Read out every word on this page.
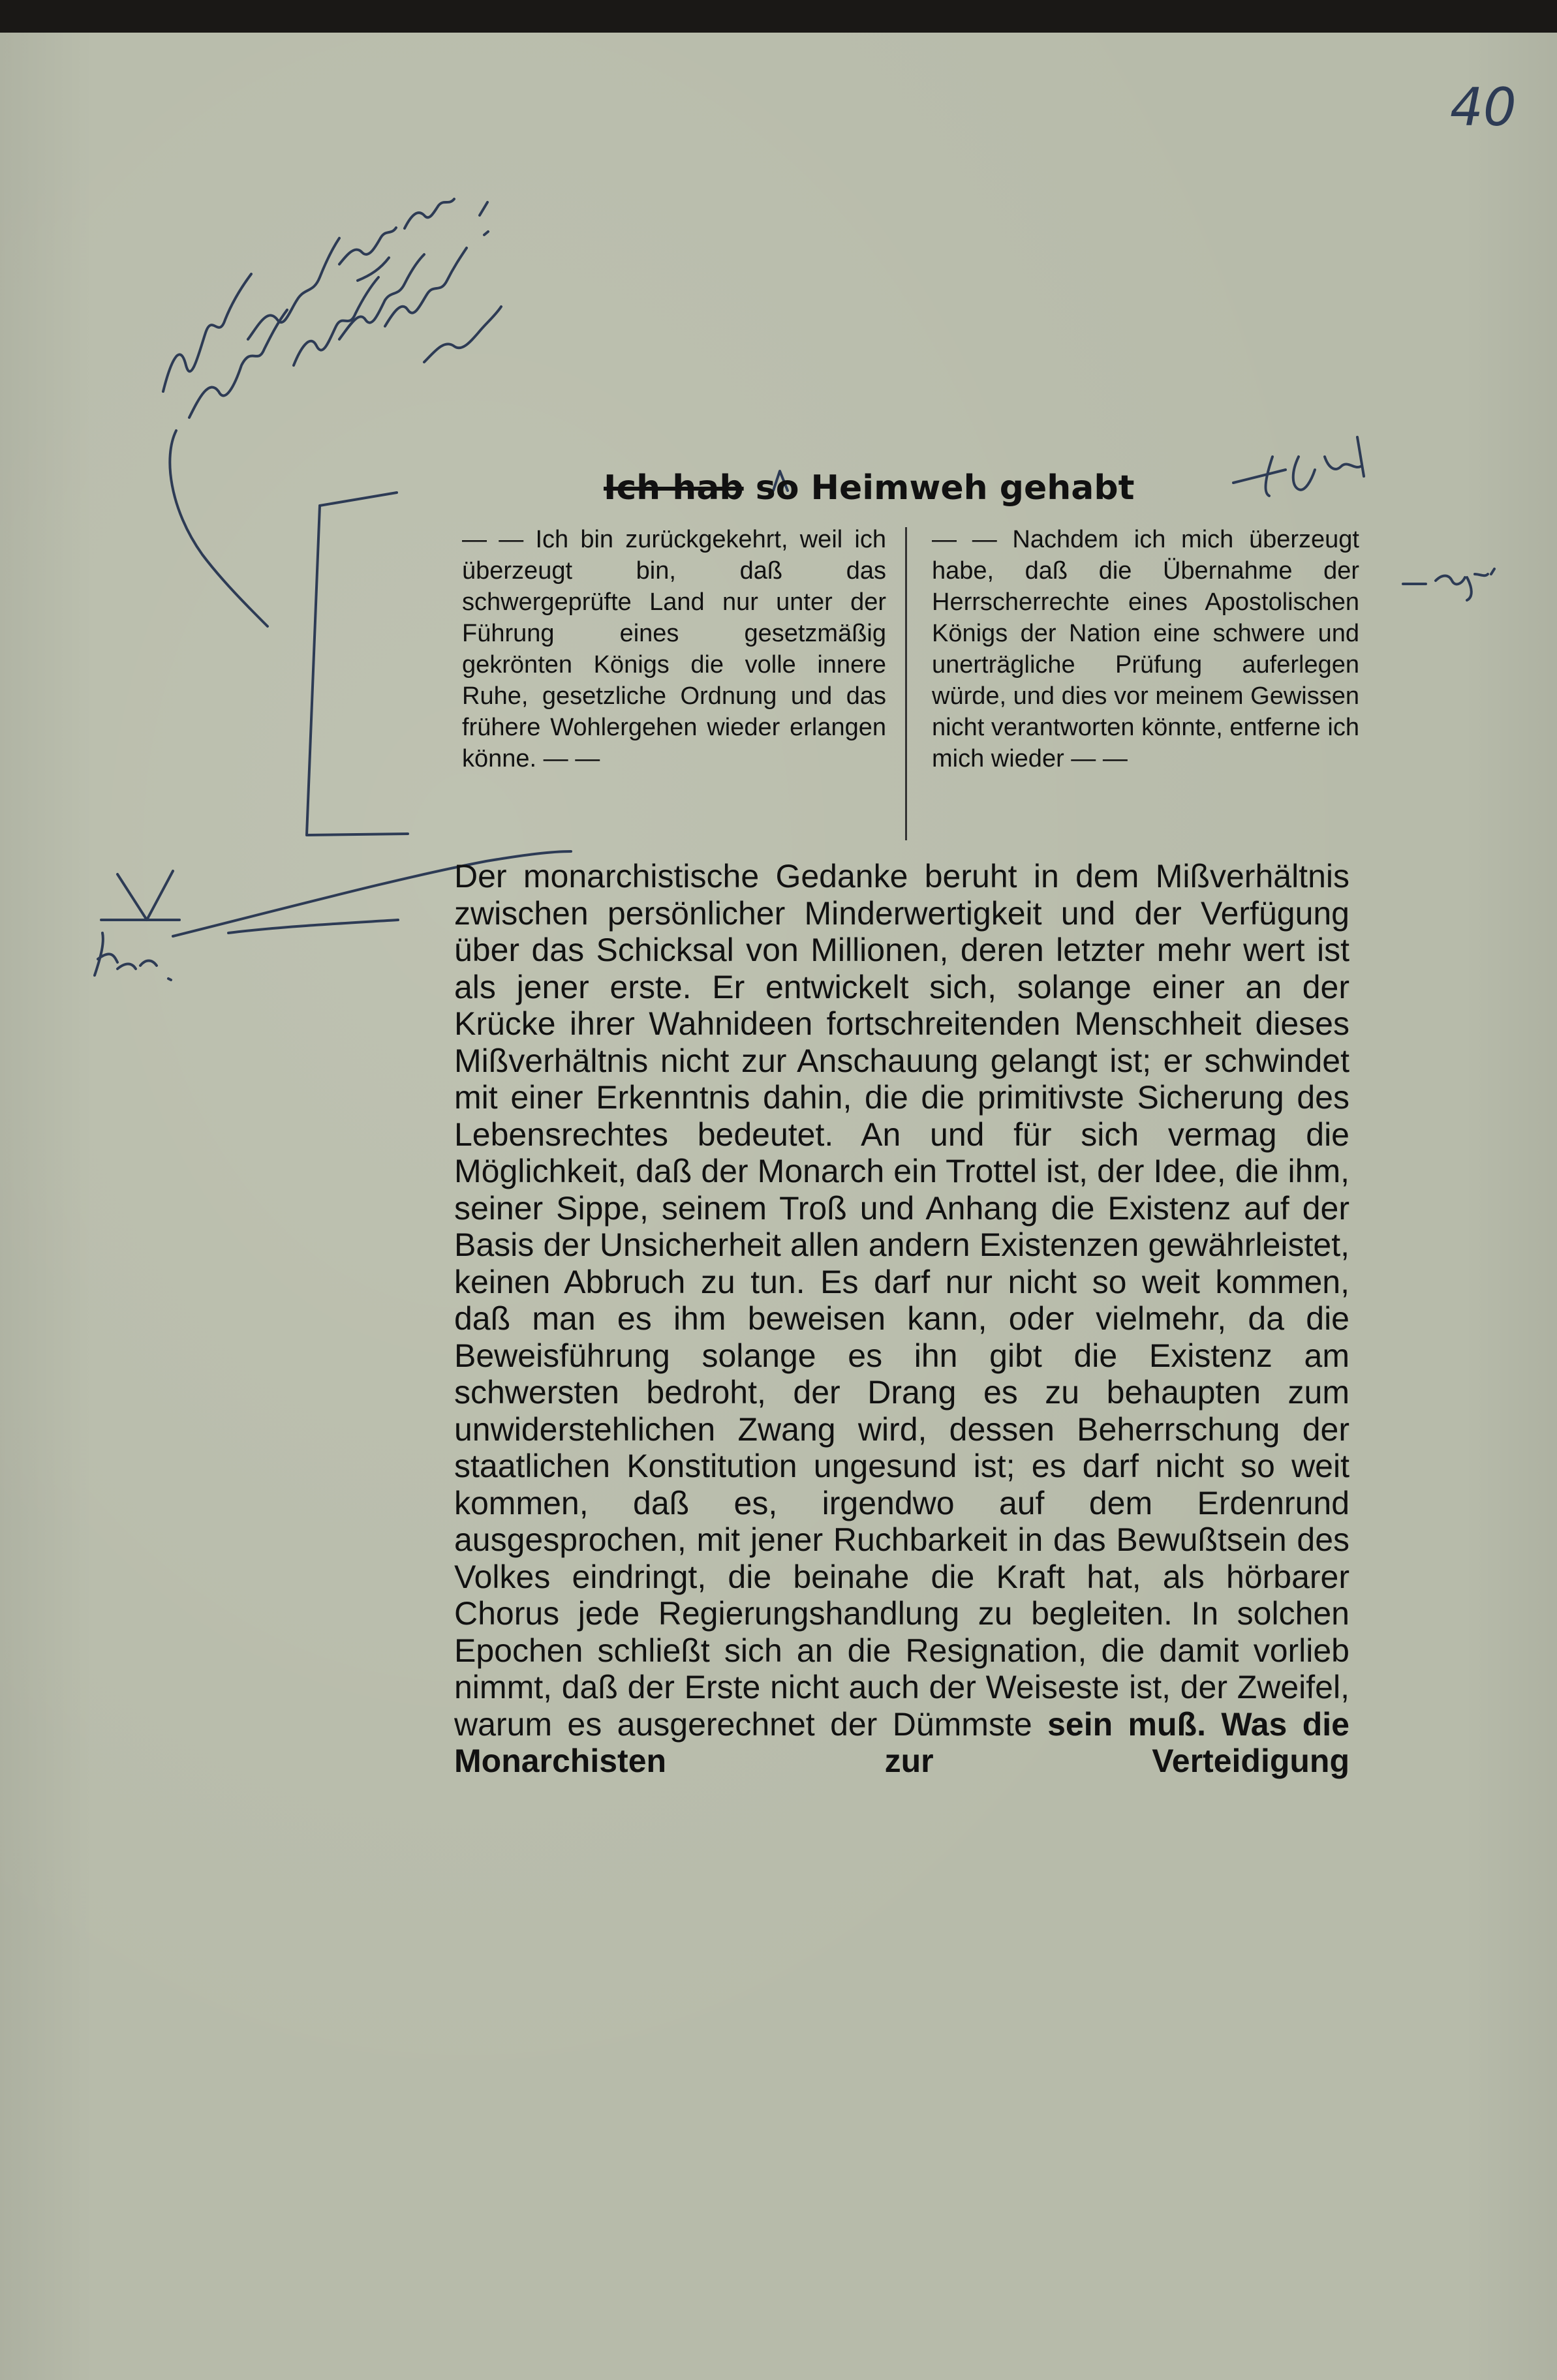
40
Ich hab so Heimweh gehabt
— — Ich bin zurückgekehrt, weil ich überzeugt bin, daß das schwergeprüfte Land nur unter der Führung eines gesetzmäßig gekrönten Königs die volle innere Ruhe, gesetzliche Ordnung und das frühere Wohlergehen wieder erlangen könne. — —
— — Nachdem ich mich überzeugt habe, daß die Übernahme der Herrscherrechte eines Apostolischen Königs der Nation eine schwere und unerträgliche Prüfung auferlegen würde, und dies vor meinem Gewissen nicht verantworten könnte, entferne ich mich wieder — —
Der monarchistische Gedanke beruht in dem Mißverhältnis zwischen persönlicher Minderwertigkeit und der Verfügung über das Schicksal von Millionen, deren letzter mehr wert ist als jener erste. Er entwickelt sich, solange einer an der Krücke ihrer Wahnideen fortschreitenden Menschheit dieses Mißverhältnis nicht zur Anschauung gelangt ist; er schwindet mit einer Erkenntnis dahin, die die primitivste Sicherung des Lebensrechtes bedeutet. An und für sich vermag die Möglichkeit, daß der Monarch ein Trottel ist, der Idee, die ihm, seiner Sippe, seinem Troß und Anhang die Existenz auf der Basis der Unsicherheit allen andern Existenzen gewährleistet, keinen Abbruch zu tun. Es darf nur nicht so weit kommen, daß man es ihm beweisen kann, oder vielmehr, da die Beweisführung solange es ihn gibt die Existenz am schwersten bedroht, der Drang es zu behaupten zum unwiderstehlichen Zwang wird, dessen Beherrschung der staatlichen Konstitution ungesund ist; es darf nicht so weit kommen, daß es, irgendwo auf dem Erdenrund ausgesprochen, mit jener Ruchbarkeit in das Bewußtsein des Volkes eindringt, die beinahe die Kraft hat, als hörbarer Chorus jede Regierungshandlung zu begleiten. In solchen Epochen schließt sich an die Resignation, die damit vorlieb nimmt, daß der Erste nicht auch der Weiseste ist, der Zweifel, warum es ausgerechnet der Dümmste sein muß. Was die Monarchisten zur Verteidigung
